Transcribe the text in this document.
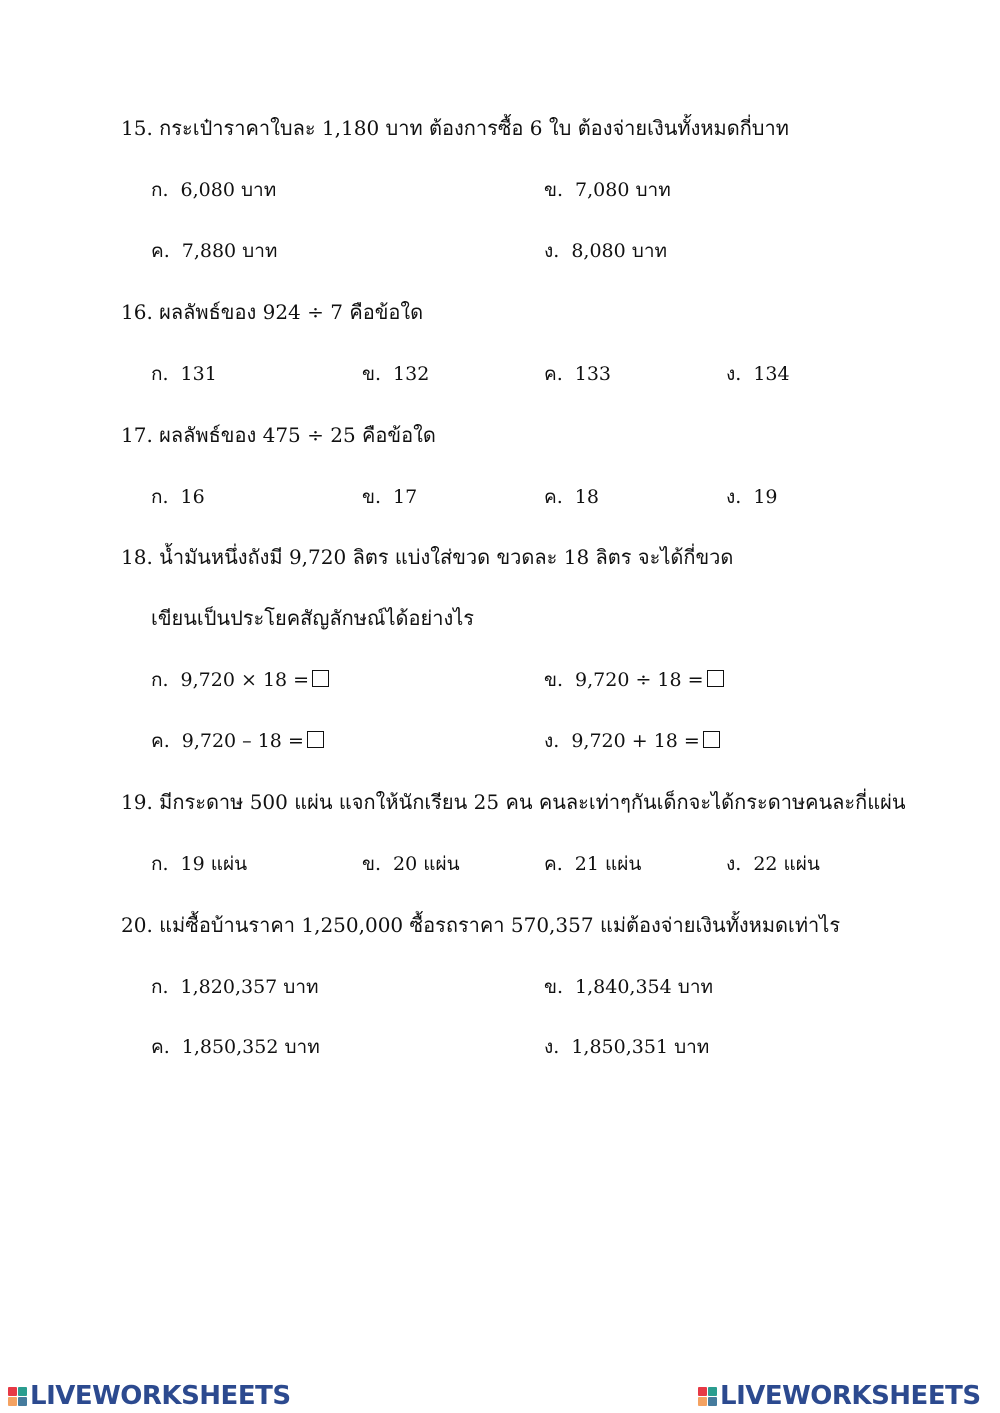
15. กระเป๋าราคาใบละ 1,180 บาท ต้องการซื้อ 6 ใบ ต้องจ่ายเงินทั้งหมดกี่บาท
ก. 6,080 บาท	ข. 7,080 บาท
ค. 7,880 บาท	ง. 8,080 บาท
16. ผลลัพธ์ของ 924 ÷ 7 คือข้อใด
ก. 131	ข. 132	ค. 133	ง. 134
17. ผลลัพธ์ของ 475 ÷ 25 คือข้อใด
ก. 16	ข. 17	ค. 18	ง. 19
18. น้ำมันหนึ่งถังมี 9,720 ลิตร แบ่งใส่ขวด ขวดละ 18 ลิตร จะได้กี่ขวด
เขียนเป็นประโยคสัญลักษณ์ได้อย่างไร
ก. 9,720 × 18 =	ข. 9,720 ÷ 18 =
ค. 9,720 – 18 =	ง. 9,720 + 18 =
19. มีกระดาษ 500 แผ่น แจกให้นักเรียน 25 คน คนละเท่าๆกันเด็กจะได้กระดาษคนละกี่แผ่น
ก. 19 แผ่น	ข. 20 แผ่น	ค. 21 แผ่น	ง. 22 แผ่น
20. แม่ซื้อบ้านราคา 1,250,000 ซื้อรถราคา 570,357 แม่ต้องจ่ายเงินทั้งหมดเท่าไร
ก. 1,820,357 บาท	ข. 1,840,354 บาท
ค. 1,850,352 บาท	ง. 1,850,351 บาท
LIVEWORKSHEETS	LIVEWORKSHEETS
